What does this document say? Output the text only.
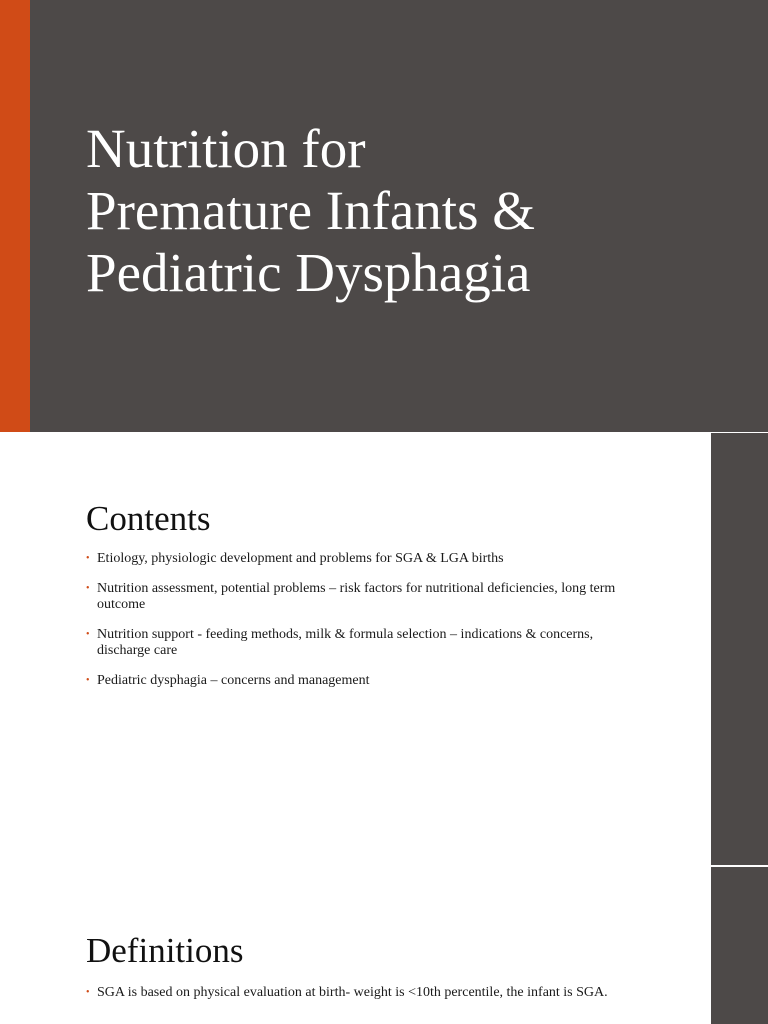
Nutrition for
Premature Infants &
Pediatric Dysphagia
Contents
• Etiology, physiologic development and problems for SGA & LGA births
• Nutrition assessment, potential problems – risk factors for nutritional deficiencies, long term outcome
• Nutrition support - feeding methods, milk & formula selection – indications & concerns, discharge care
• Pediatric dysphagia – concerns and management
Definitions
• SGA is based on physical evaluation at birth- weight is <10th percentile, the infant is SGA.
